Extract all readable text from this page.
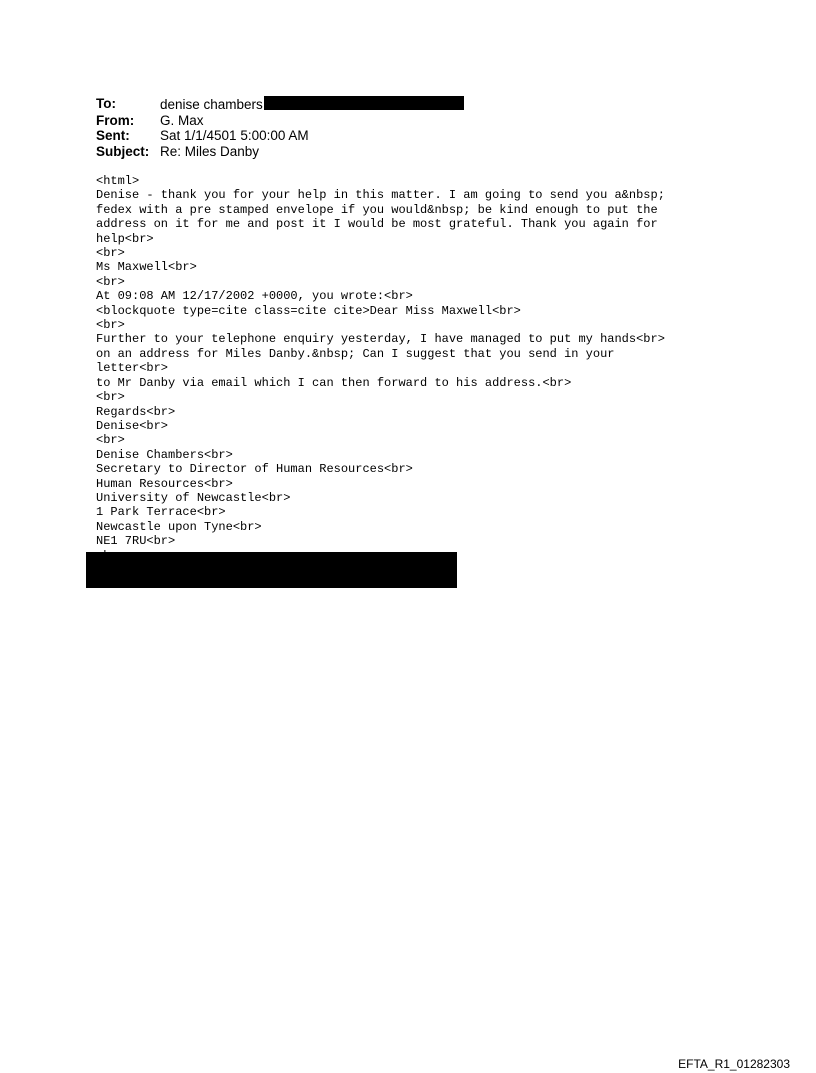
To:	denise chambers
From:	G. Max
Sent:	Sat 1/1/4501 5:00:00 AM
Subject: Re: Miles Danby
<html>
Denise - thank you for your help in this matter. I am going to send you a&nbsp;
fedex with a pre stamped envelope if you would&nbsp; be kind enough to put the
address on it for me and post it I would be most grateful. Thank you again for
help<br>
<br>
Ms Maxwell<br>
<br>
At 09:08 AM 12/17/2002 +0000, you wrote:<br>
<blockquote type=cite class=cite cite>Dear Miss Maxwell<br>
<br>
Further to your telephone enquiry yesterday, I have managed to put my hands<br>
on an address for Miles Danby.&nbsp; Can I suggest that you send in your
letter<br>
to Mr Danby via email which I can then forward to his address.<br>
<br>
Regards<br>
Denise<br>
<br>
Denise Chambers<br>
Secretary to Director of Human Resources<br>
Human Resources<br>
University of Newcastle<br>
1 Park Terrace<br>
Newcastle upon Tyne<br>
NE1 7RU<br>
EFTA_R1_01282303
